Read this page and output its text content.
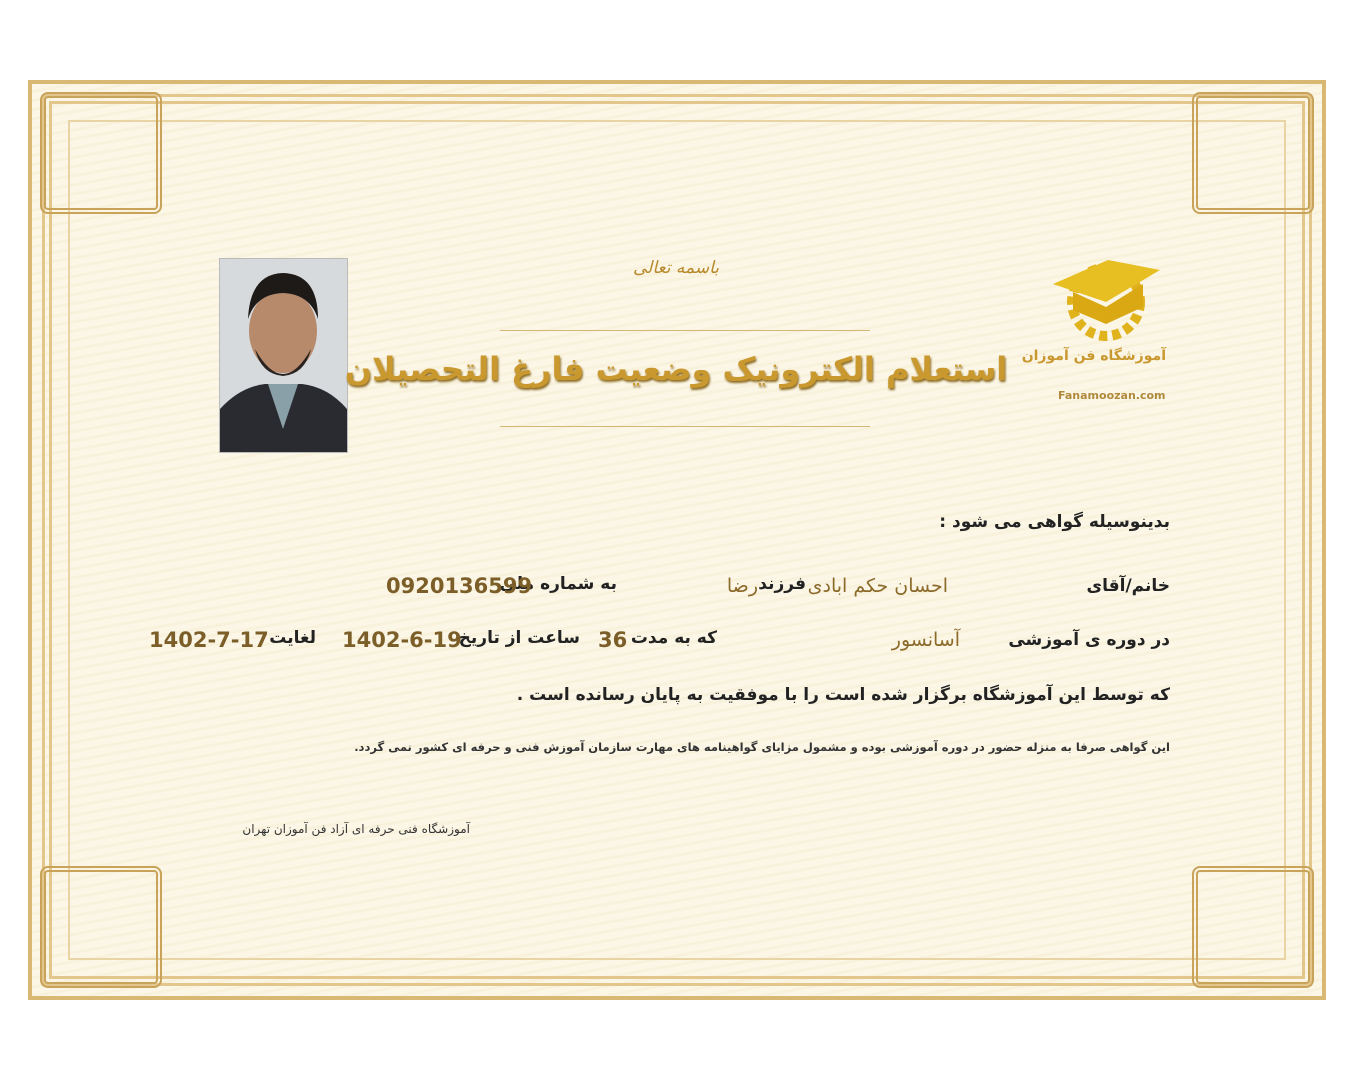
باسمه تعالی
استعلام الکترونیک وضعیت فارغ التحصیلان	آموزشگاه فن آموزان
Fanamoozan.com
بدینوسیله گواهی می شود :
خانم/آقای
احسان حکم ابادی
فرزند
رضا
به شماره ملی
0920136599
در دوره ی آموزشی
آسانسور
که به مدت
36
ساعت از تاریخ
1402-6-19
لغایت
1402-7-17
که توسط این آموزشگاه برگزار شده است را با موفقیت به پایان رسانده است .
این گواهی صرفا به منزله حضور در دوره آموزشی بوده و مشمول مزایای گواهینامه های مهارت سازمان آموزش فنی و حرفه ای کشور نمی گردد.
آموزشگاه فنی حرفه ای آزاد فن آموزان تهران
